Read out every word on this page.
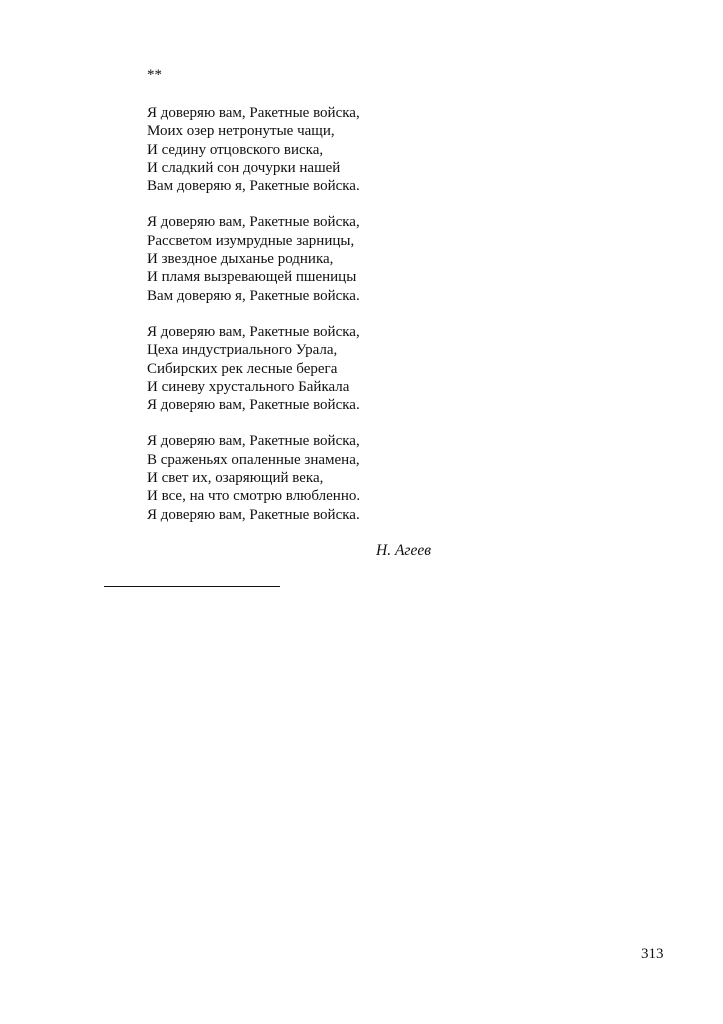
**
Я доверяю вам, Ракетные войска,
Моих озер нетронутые чащи,
И седину отцовского виска,
И сладкий сон дочурки нашей
Вам доверяю я, Ракетные войска.
Я доверяю вам, Ракетные войска,
Рассветом изумрудные зарницы,
И звездное дыханье родника,
И пламя вызревающей пшеницы
Вам доверяю я, Ракетные войска.
Я доверяю вам, Ракетные войска,
Цеха индустриального Урала,
Сибирских рек лесные берега
И синеву хрустального Байкала
Я доверяю вам, Ракетные войска.
Я доверяю вам, Ракетные войска,
В сраженьях опаленные знамена,
И свет их, озаряющий века,
И все, на что смотрю влюбленно.
Я доверяю вам, Ракетные войска.
Н. Агеев
313
